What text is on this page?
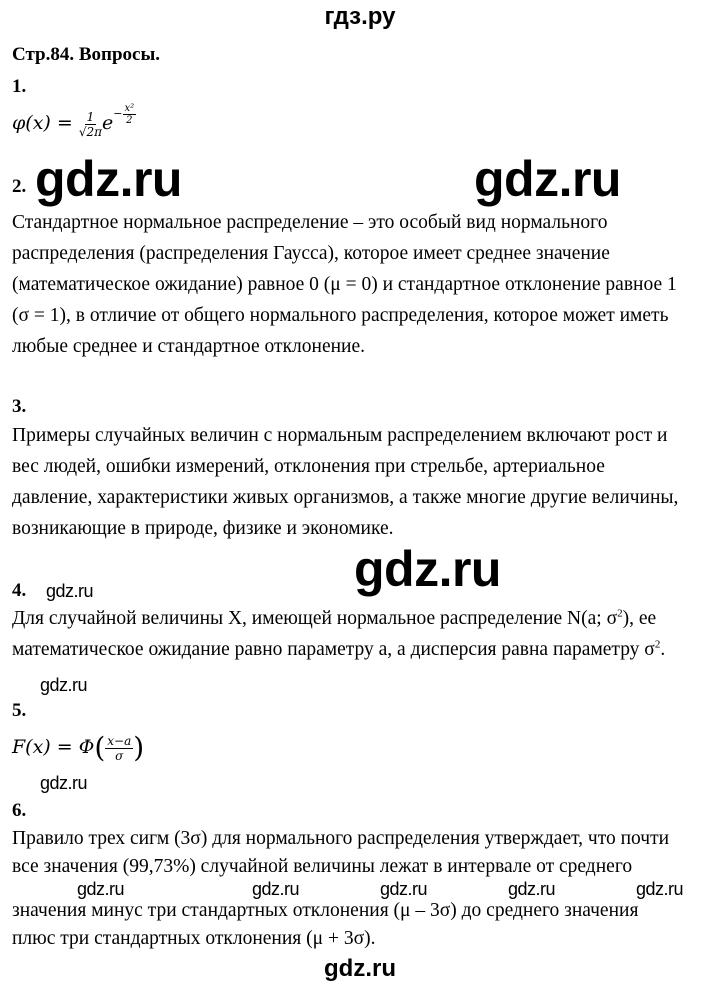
гдз.ру
Стр.84. Вопросы.
1.
$\varphi(x) = \frac{1}{√2\pi} e^{- \frac{\text{x²}}{2}}$
2. gdz.ru	gdz.ru
Стандартное нормальное распределение – это особый вид нормального
распределения (распределения Гаусса), которое имеет среднее значение
(математическое ожидание) равное 0 (μ = 0) и стандартное отклонение равное 1
(σ = 1), в отличие от общего нормального распределения, которое может иметь
любые среднее и стандартное отклонение.
3.
Примеры случайных величин с нормальным распределением включают рост и
вес людей, ошибки измерений, отклонения при стрельбе, артериальное
давление, характеристики живых организмов, а также многие другие величины,
возникающие в природе, физике и экономике.
gdz.ru
4. gdz.ru
Для случайной величины X, имеющей нормальное распределение N(a; $\sigma^2$), ее
математическое ожидание равно параметру a, а дисперсия равна параметру $\sigma^2$.
gdz.ru
5.
$F(x) = \Phi( \frac{x-a}{\sigma}$ )
gdz.ru
6.
Правило трех сигм (3σ) для нормального распределения утверждает, что почти
все значения (99,73%) случайной величины лежат в интервале от среднего
gdz.ru	gdz.ru	gdz.ru	gdz.ru	gdz.ru
значения минус три стандартных отклонения (μ – 3σ) до среднего значения
плюс три стандартных отклонения (μ + 3σ).
gdz.ru
